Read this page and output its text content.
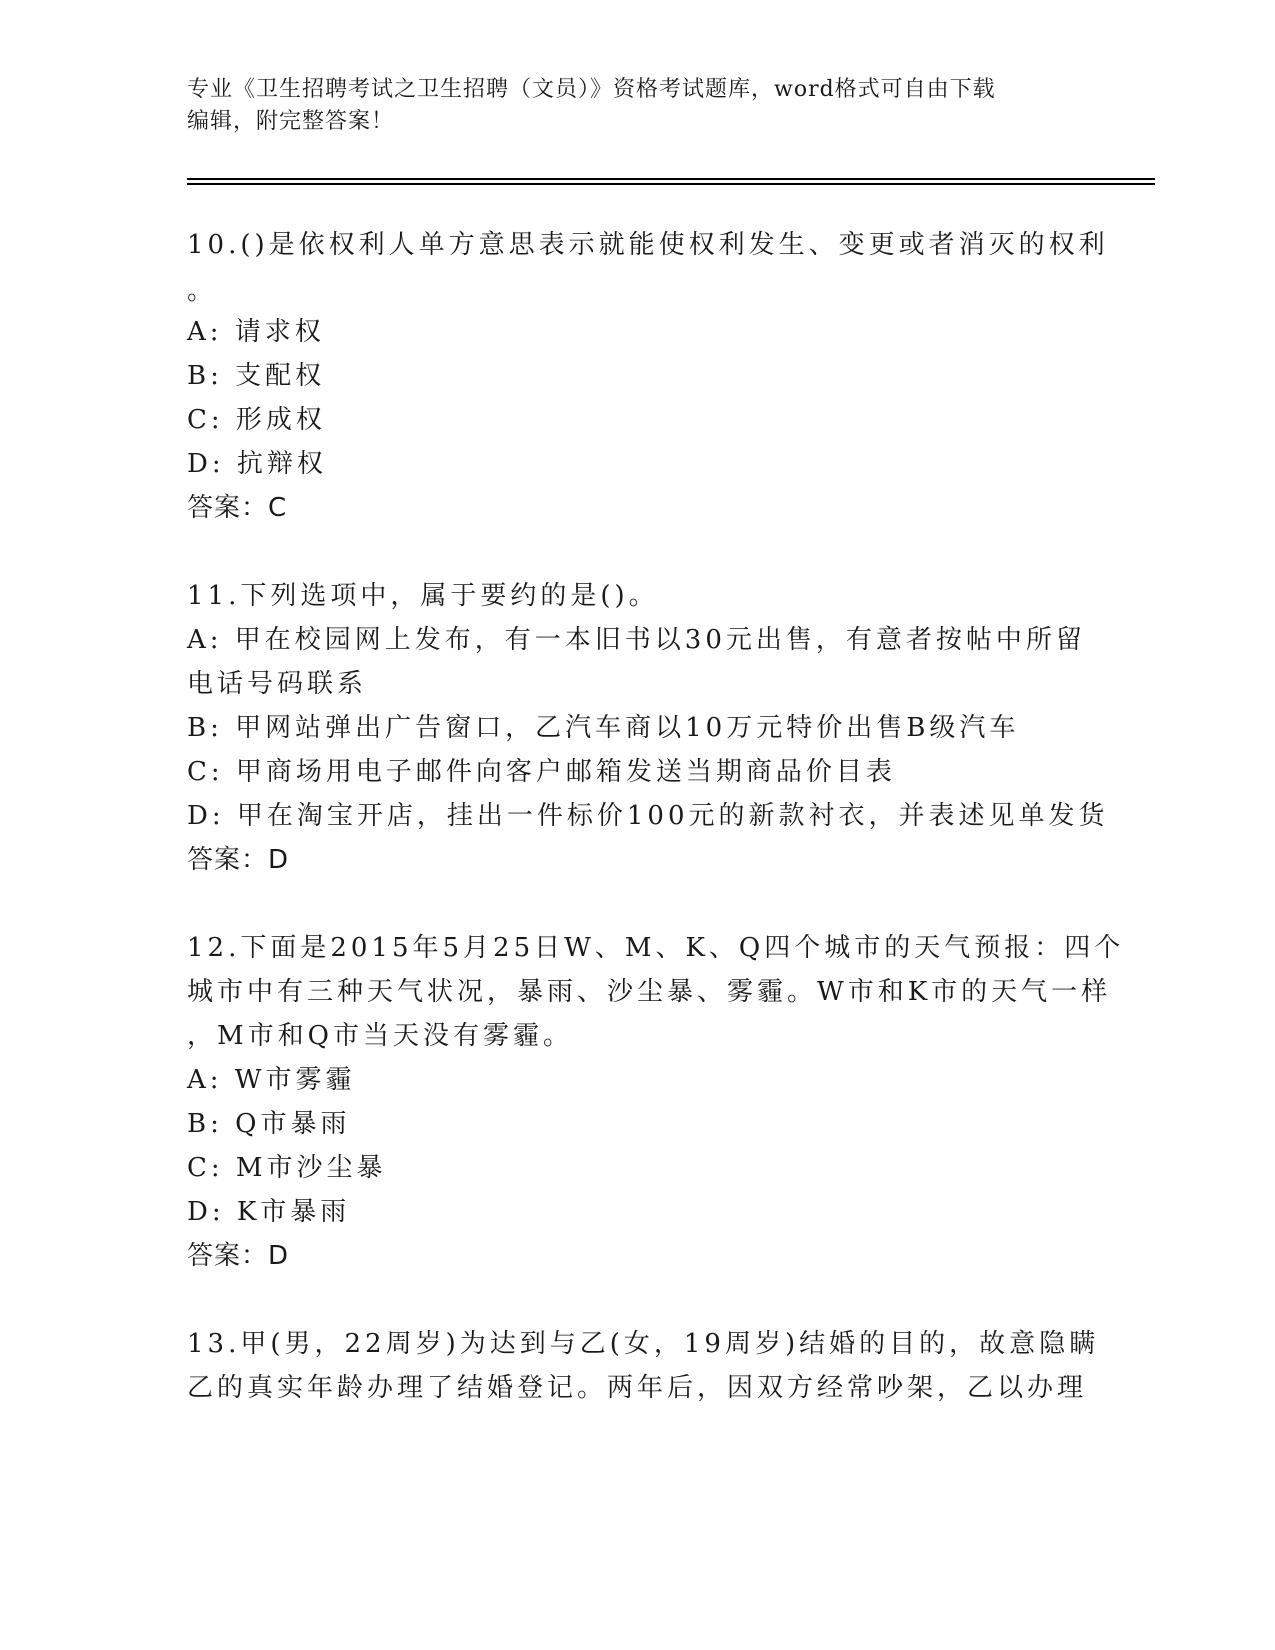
专业《卫生招聘考试之卫生招聘（文员）》资格考试题库，word格式可自由下载
编辑，附完整答案！
10.()是依权利人单方意思表示就能使权利发生、变更或者消灭的权利
。
A: 请求权
B: 支配权
C: 形成权
D: 抗辩权
答案：C
11.下列选项中，属于要约的是()。
A: 甲在校园网上发布，有一本旧书以30元出售，有意者按帖中所留
电话号码联系
B: 甲网站弹出广告窗口，乙汽车商以10万元特价出售B级汽车
C: 甲商场用电子邮件向客户邮箱发送当期商品价目表
D: 甲在淘宝开店，挂出一件标价100元的新款衬衣，并表述见单发货
答案：D
12.下面是2015年5月25日W、M、K、Q四个城市的天气预报：四个
城市中有三种天气状况，暴雨、沙尘暴、雾霾。W市和K市的天气一样
，M市和Q市当天没有雾霾。
A: W市雾霾
B: Q市暴雨
C: M市沙尘暴
D: K市暴雨
答案：D
13.甲(男，22周岁)为达到与乙(女，19周岁)结婚的目的，故意隐瞒
乙的真实年龄办理了结婚登记。两年后，因双方经常吵架，乙以办理
